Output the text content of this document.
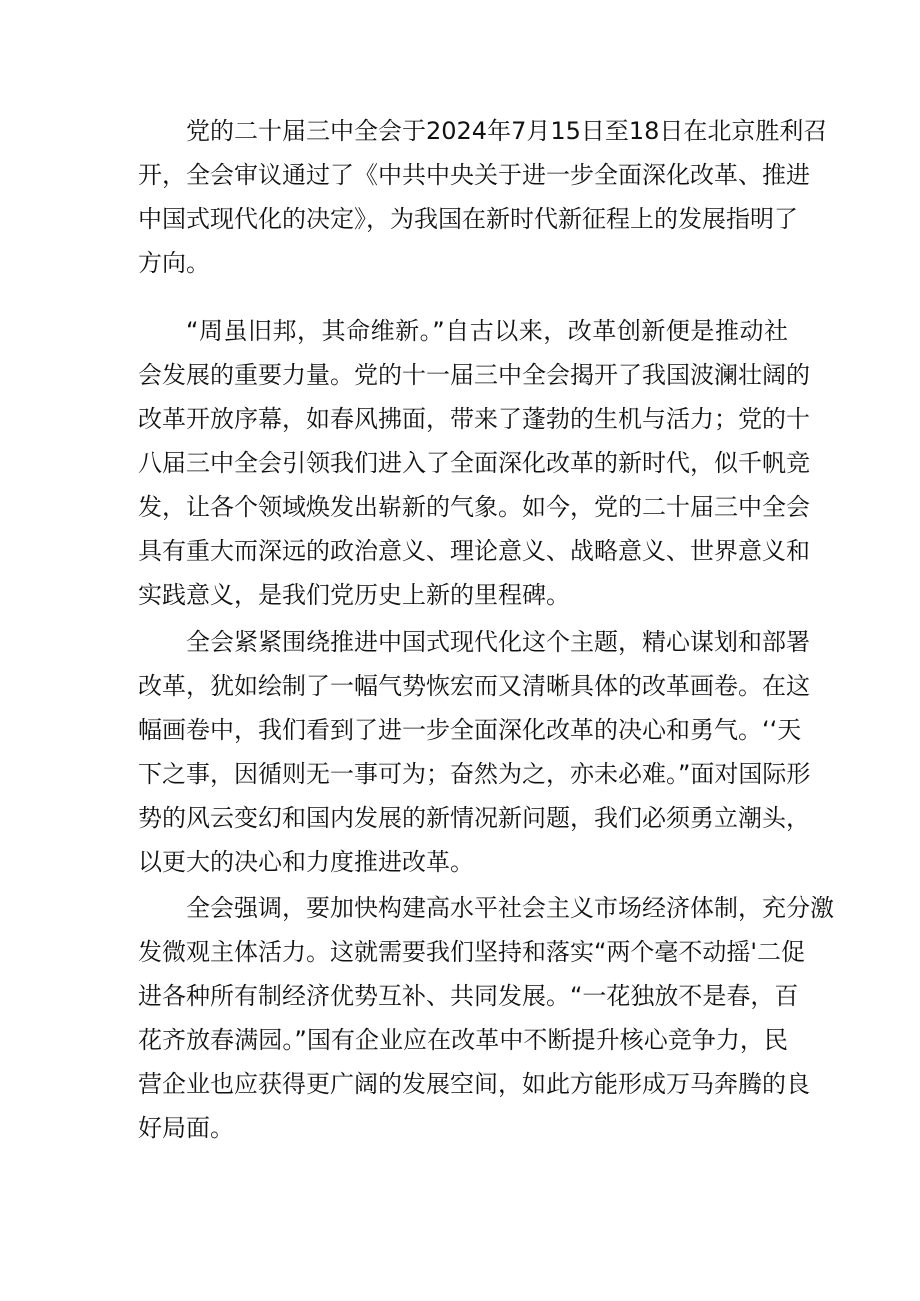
党的二十届三中全会于2024年7月15日至18日在北京胜利召
开，全会审议通过了《中共中央关于进一步全面深化改革、推进
中国式现代化的决定》，为我国在新时代新征程上的发展指明了
方向。
“周虽旧邦，其命维新。”自古以来，改革创新便是推动社
会发展的重要力量。党的十一届三中全会揭开了我国波澜壮阔的
改革开放序幕，如春风拂面，带来了蓬勃的生机与活力；党的十
八届三中全会引领我们进入了全面深化改革的新时代，似千帆竞
发，让各个领域焕发出崭新的气象。如今，党的二十届三中全会
具有重大而深远的政治意义、理论意义、战略意义、世界意义和
实践意义，是我们党历史上新的里程碑。
全会紧紧围绕推进中国式现代化这个主题，精心谋划和部署
改革，犹如绘制了一幅气势恢宏而又清晰具体的改革画卷。在这
幅画卷中，我们看到了进一步全面深化改革的决心和勇气。‘‘天
下之事，因循则无一事可为；奋然为之，亦未必难。”面对国际形
势的风云变幻和国内发展的新情况新问题，我们必须勇立潮头，
以更大的决心和力度推进改革。
全会强调，要加快构建高水平社会主义市场经济体制，充分激
发微观主体活力。这就需要我们坚持和落实“两个毫不动摇'二促
进各种所有制经济优势互补、共同发展。“一花独放不是春，百
花齐放春满园。”国有企业应在改革中不断提升核心竞争力，民
营企业也应获得更广阔的发展空间，如此方能形成万马奔腾的良
好局面。
